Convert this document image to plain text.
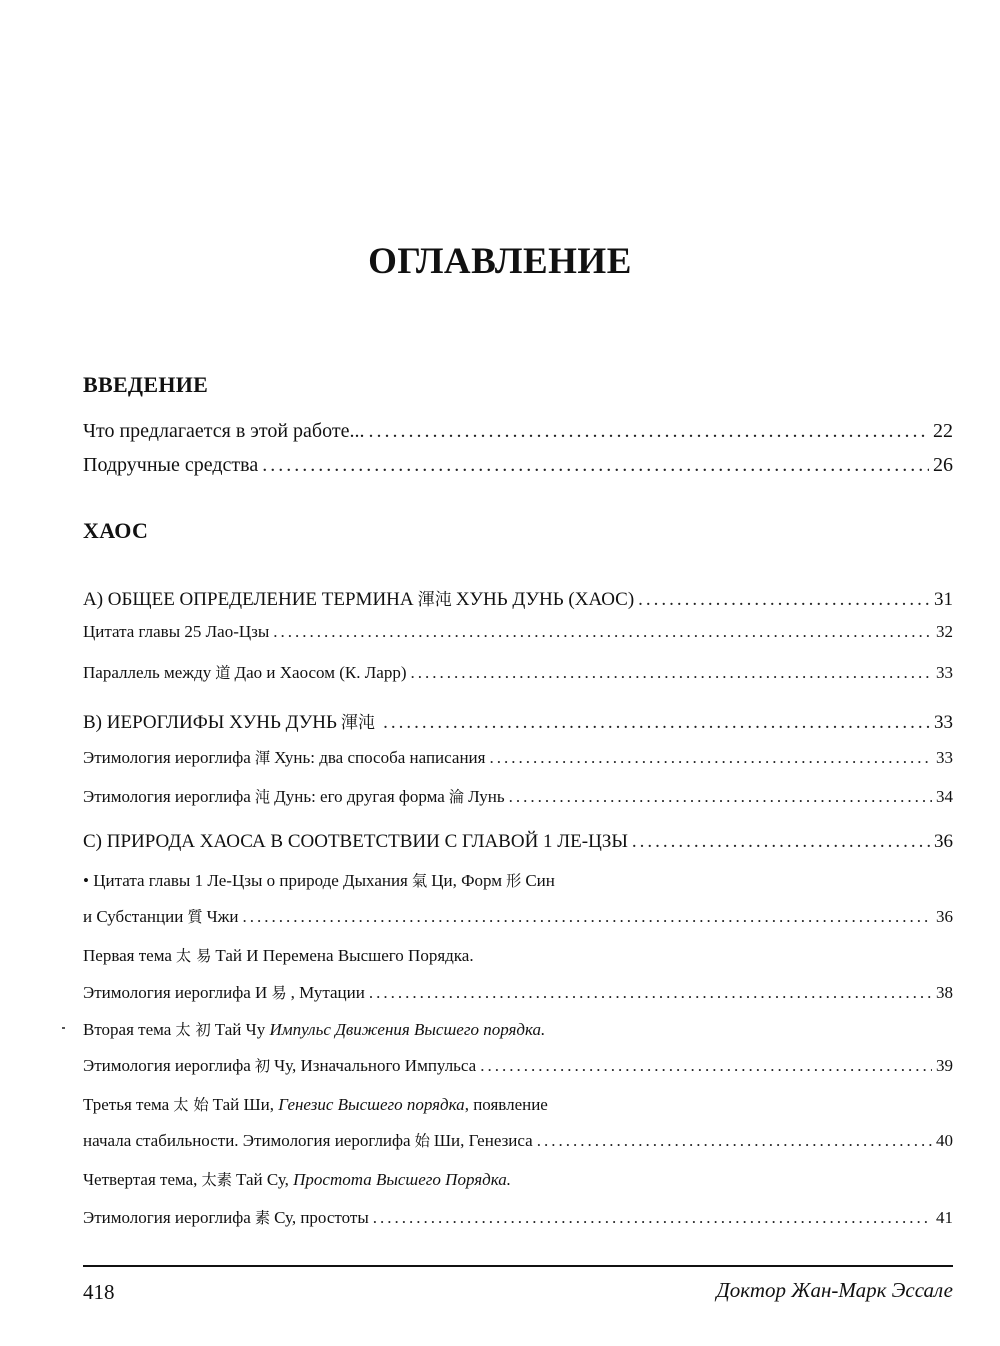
ОГЛАВЛЕНИЕ
ВВЕДЕНИЕ
Что предлагается в этой работе... .....	22
Подручные средства .....	26
ХАОС
А) ОБЩЕЕ ОПРЕДЕЛЕНИЕ ТЕРМИНА 渾沌 ХУНЬ ДУНЬ (ХАОС) .....	31
Цитата главы 25 Лао-Цзы .....	32
Параллель между 道 Дао и Хаосом (К. Ларр) .....	33
В) ИЕРОГЛИФЫ ХУНЬ ДУНЬ 渾沌 .....	33
Этимология иероглифа 渾 Хунь: два способа написания .....	33
Этимология иероглифа 沌 Дунь: его другая форма 淪 Лунь .....	34
С) ПРИРОДА ХАОСА В СООТВЕТСТВИИ С ГЛАВОЙ 1 ЛЕ-ЦЗЫ .....	36
• Цитата главы 1 Ле-Цзы о природе Дыхания 氣 Ци, Форм 形 Син
и Субстанции 質 Чжи .....	36
Первая тема 太 易 Тай И Перемена Высшего Порядка.
Этимология иероглифа И 易 , Мутации .....	38
Вторая тема 太 初 Тай Чу Импульс Движения Высшего порядка.
Этимология иероглифа 初 Чу, Изначального Импульса .....	39
Третья тема 太 始 Тай Ши, Генезис Высшего порядка, появление
начала стабильности. Этимология иероглифа 始 Ши, Генезиса .....	40
Четвертая тема, 太素 Тай Су, Простота Высшего Порядка.
Этимология иероглифа 素 Су, простоты .....	41
418	Доктор Жан-Марк Эссале
